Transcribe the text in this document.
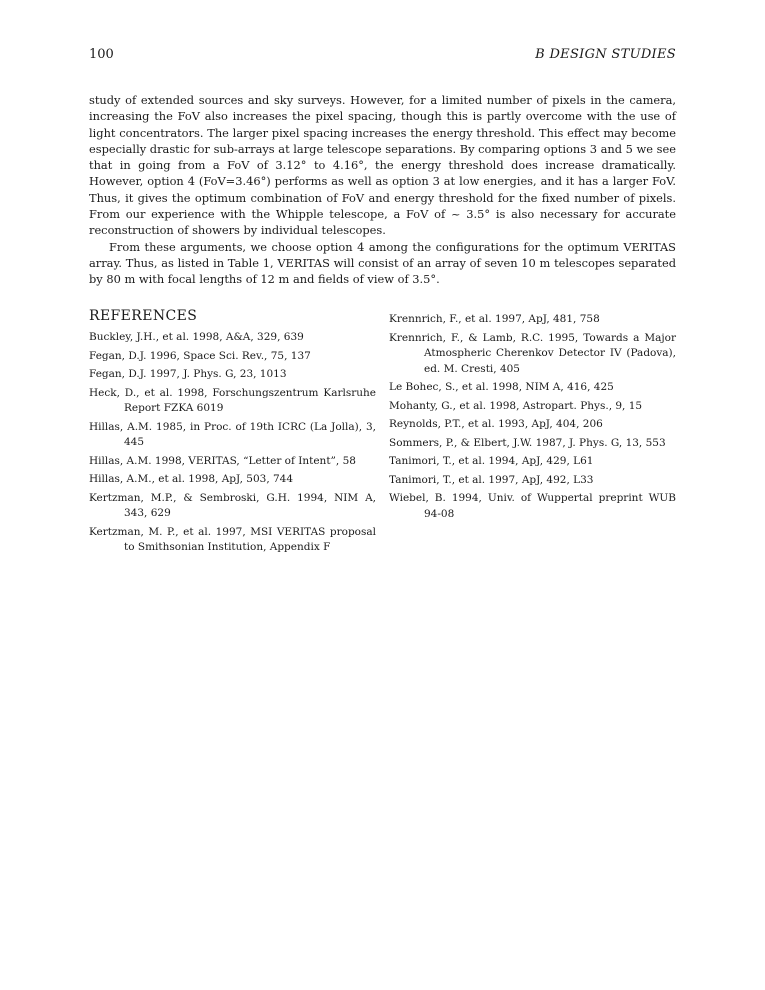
100	B DESIGN STUDIES

study of extended sources and sky surveys. However, for a limited number of pixels in the camera, increasing the FoV also increases the pixel spacing, though this is partly overcome with the use of light concentrators. The larger pixel spacing increases the energy threshold. This effect may become especially drastic for sub-arrays at large telescope separations. By comparing options 3 and 5 we see that in going from a FoV of 3.12° to 4.16°, the energy threshold does increase dramatically. However, option 4 (FoV=3.46°) performs as well as option 3 at low energies, and it has a larger FoV. Thus, it gives the optimum combination of FoV and energy threshold for the fixed number of pixels. From our experience with the Whipple telescope, a FoV of ~ 3.5° is also necessary for accurate reconstruction of showers by individual telescopes.

From these arguments, we choose option 4 among the configurations for the optimum VERITAS array. Thus, as listed in Table 1, VERITAS will consist of an array of seven 10 m telescopes separated by 80 m with focal lengths of 12 m and fields of view of 3.5°.

REFERENCES
Buckley, J.H., et al. 1998, A&A, 329, 639
Fegan, D.J. 1996, Space Sci. Rev., 75, 137
Fegan, D.J. 1997, J. Phys. G, 23, 1013
Heck, D., et al. 1998, Forschungszentrum Karlsruhe Report FZKA 6019
Hillas, A.M. 1985, in Proc. of 19th ICRC (La Jolla), 3, 445
Hillas, A.M. 1998, VERITAS, “Letter of Intent”, 58
Hillas, A.M., et al. 1998, ApJ, 503, 744
Kertzman, M.P., & Sembroski, G.H. 1994, NIM A, 343, 629
Kertzman, M. P., et al. 1997, MSI VERITAS proposal to Smithsonian Institution, Appendix F
Krennrich, F., et al. 1997, ApJ, 481, 758
Krennrich, F., & Lamb, R.C. 1995, Towards a Major Atmospheric Cherenkov Detector IV (Padova), ed. M. Cresti, 405
Le Bohec, S., et al. 1998, NIM A, 416, 425
Mohanty, G., et al. 1998, Astropart. Phys., 9, 15
Reynolds, P.T., et al. 1993, ApJ, 404, 206
Sommers, P., & Elbert, J.W. 1987, J. Phys. G, 13, 553
Tanimori, T., et al. 1994, ApJ, 429, L61
Tanimori, T., et al. 1997, ApJ, 492, L33
Wiebel, B. 1994, Univ. of Wuppertal preprint WUB 94-08
